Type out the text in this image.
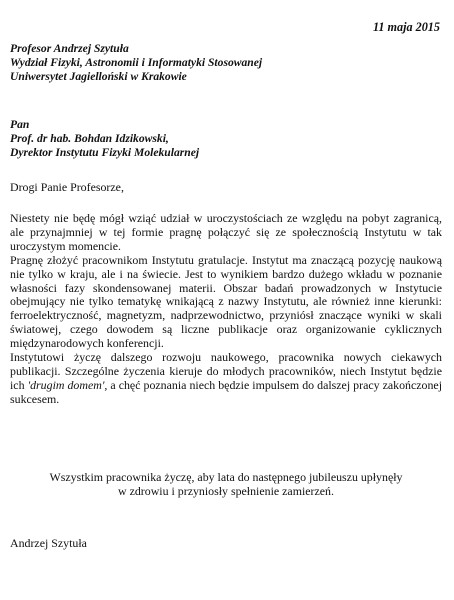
11 maja 2015
Profesor Andrzej Szytuła
Wydział Fizyki, Astronomii i Informatyki Stosowanej
Uniwersytet Jagielloński w Krakowie
Pan
Prof. dr hab. Bohdan Idzikowski,
Dyrektor Instytutu Fizyki Molekularnej
Drogi Panie Profesorze,

Niestety nie będę mógł wziąć udział w uroczystościach ze względu na pobyt zagranicą, ale przynajmniej w tej formie pragnę połączyć się ze społecznością Instytutu w tak uroczystym momencie.

Pragnę złożyć pracownikom Instytutu gratulacje. Instytut ma znaczącą pozycję naukową nie tylko w kraju, ale i na świecie. Jest to wynikiem bardzo dużego wkładu w poznanie własności fazy skondensowanej materii. Obszar badań prowadzonych w Instytucie obejmujący nie tylko tematykę wnikającą z nazwy Instytutu, ale również inne kierunki: ferroelektryczność, magnetyzm, nadprzewodnictwo, przyniósł znaczące wyniki w skali światowej, czego dowodem są liczne publikacje oraz organizowanie cyklicznych międzynarodowych konferencji.

Instytutowi życzę dalszego rozwoju naukowego, pracownika nowych ciekawych publikacji. Szczególne życzenia kieruje do młodych pracowników, niech Instytut będzie ich 'drugim domem', a chęć poznania niech będzie impulsem do dalszej pracy zakończonej sukcesem.

Wszystkim pracownika życzę, aby lata do następnego jubileuszu upłynęły
w zdrowiu i przyniosły spełnienie zamierzeń.
Andrzej Szytuła
